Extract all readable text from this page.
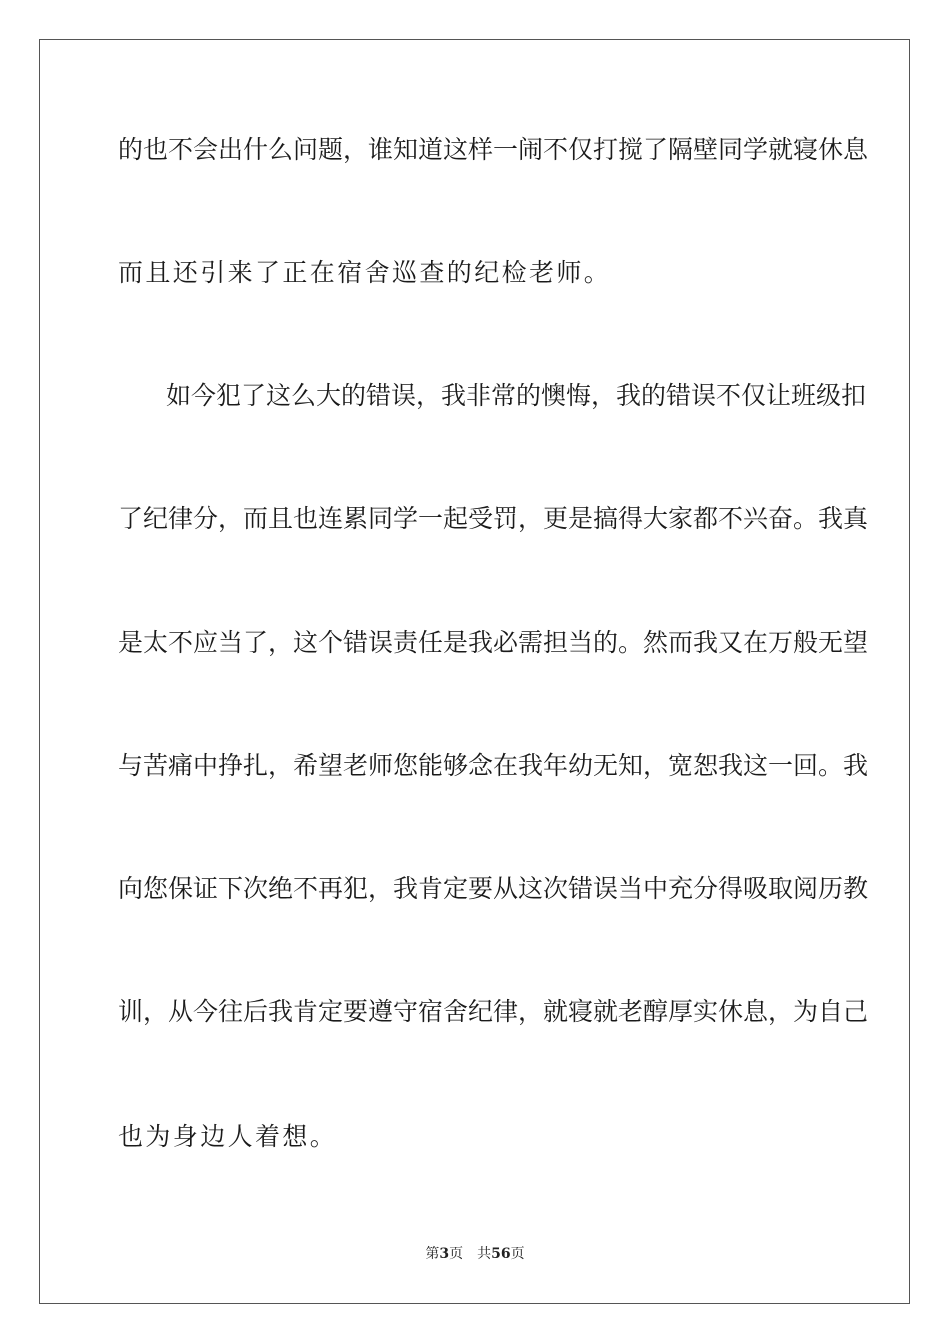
的也不会出什么问题，谁知道这样一闹不仅打搅了隔壁同学就寝休息
而且还引来了正在宿舍巡查的纪检老师。
如今犯了这么大的错误，我非常的懊悔，我的错误不仅让班级扣
了纪律分，而且也连累同学一起受罚，更是搞得大家都不兴奋。我真
是太不应当了，这个错误责任是我必需担当的。然而我又在万般无望
与苦痛中挣扎，希望老师您能够念在我年幼无知，宽恕我这一回。我
向您保证下次绝不再犯，我肯定要从这次错误当中充分得吸取阅历教
训，从今往后我肯定要遵守宿舍纪律，就寝就老醇厚实休息，为自己
也为身边人着想。
第3页 共56页
